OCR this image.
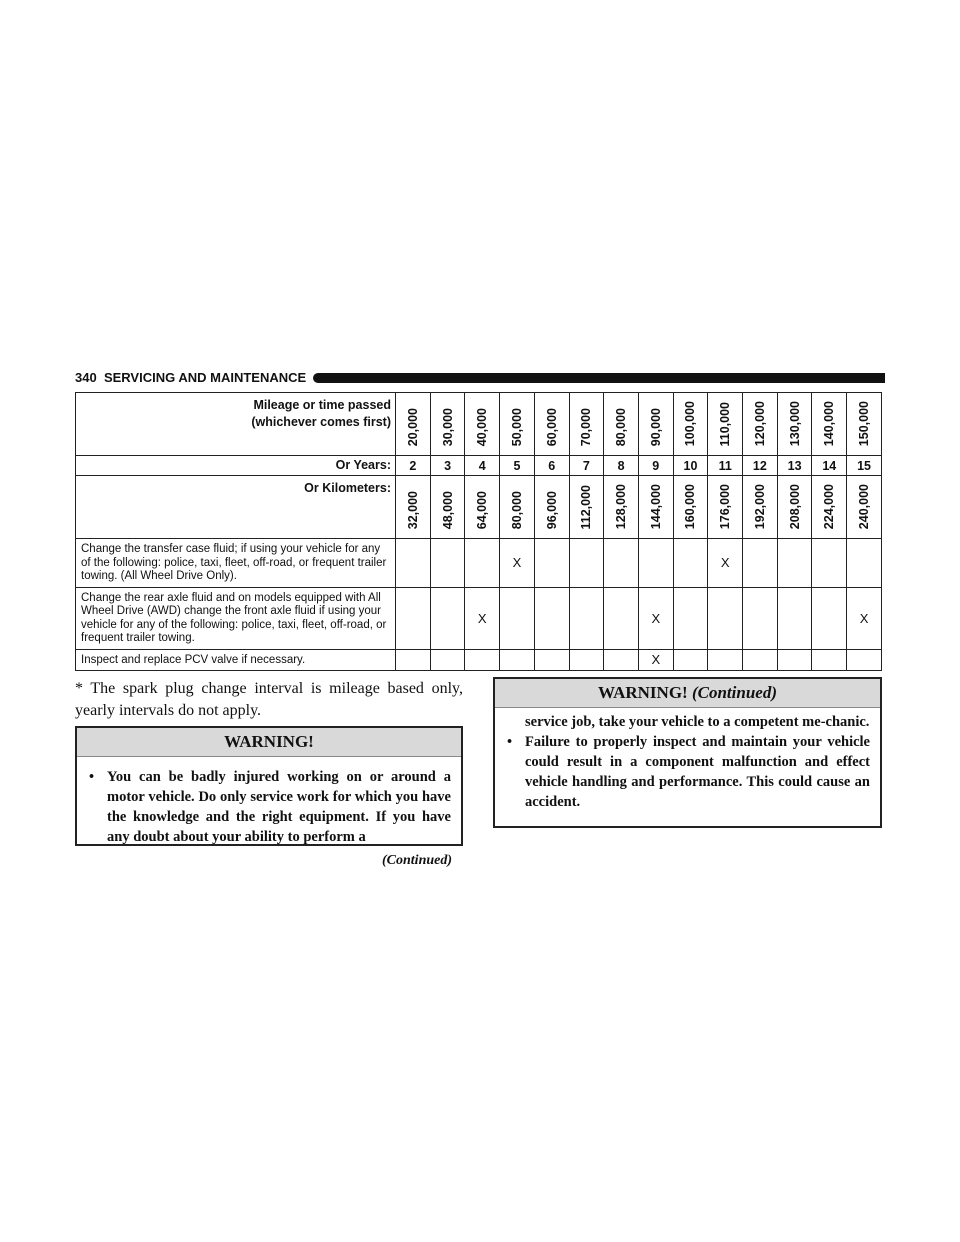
340 SERVICING AND MAINTENANCE
Mileage or time passed
(whichever comes first)	20,000	30,000	40,000	50,000	60,000	70,000	80,000	90,000	100,000	110,000	120,000	130,000	140,000	150,000
Or Years:	2	3	4	5	6	7	8	9	10	11	12	13	14	15
Or Kilometers:	32,000	48,000	64,000	80,000	96,000	112,000	128,000	144,000	160,000	176,000	192,000	208,000	224,000	240,000
Change the transfer case fluid; if using your vehicle for any of the following: police, taxi, fleet, off-road, or frequent trailer towing. (All Wheel Drive Only).				X						X				
Change the rear axle fluid and on models equipped with All Wheel Drive (AWD) change the front axle fluid if using your vehicle for any of the following: police, taxi, fleet, off-road, or frequent trailer towing.			X					X						X
Inspect and replace PCV valve if necessary.								X						
* The spark plug change interval is mileage based only, yearly intervals do not apply.
WARNING!
• You can be badly injured working on or around a motor vehicle. Do only service work for which you have the knowledge and the right equipment. If you have any doubt about your ability to perform a
(Continued)
WARNING! (Continued)
service job, take your vehicle to a competent me-chanic.
• Failure to properly inspect and maintain your vehicle could result in a component malfunction and effect vehicle handling and performance. This could cause an accident.
